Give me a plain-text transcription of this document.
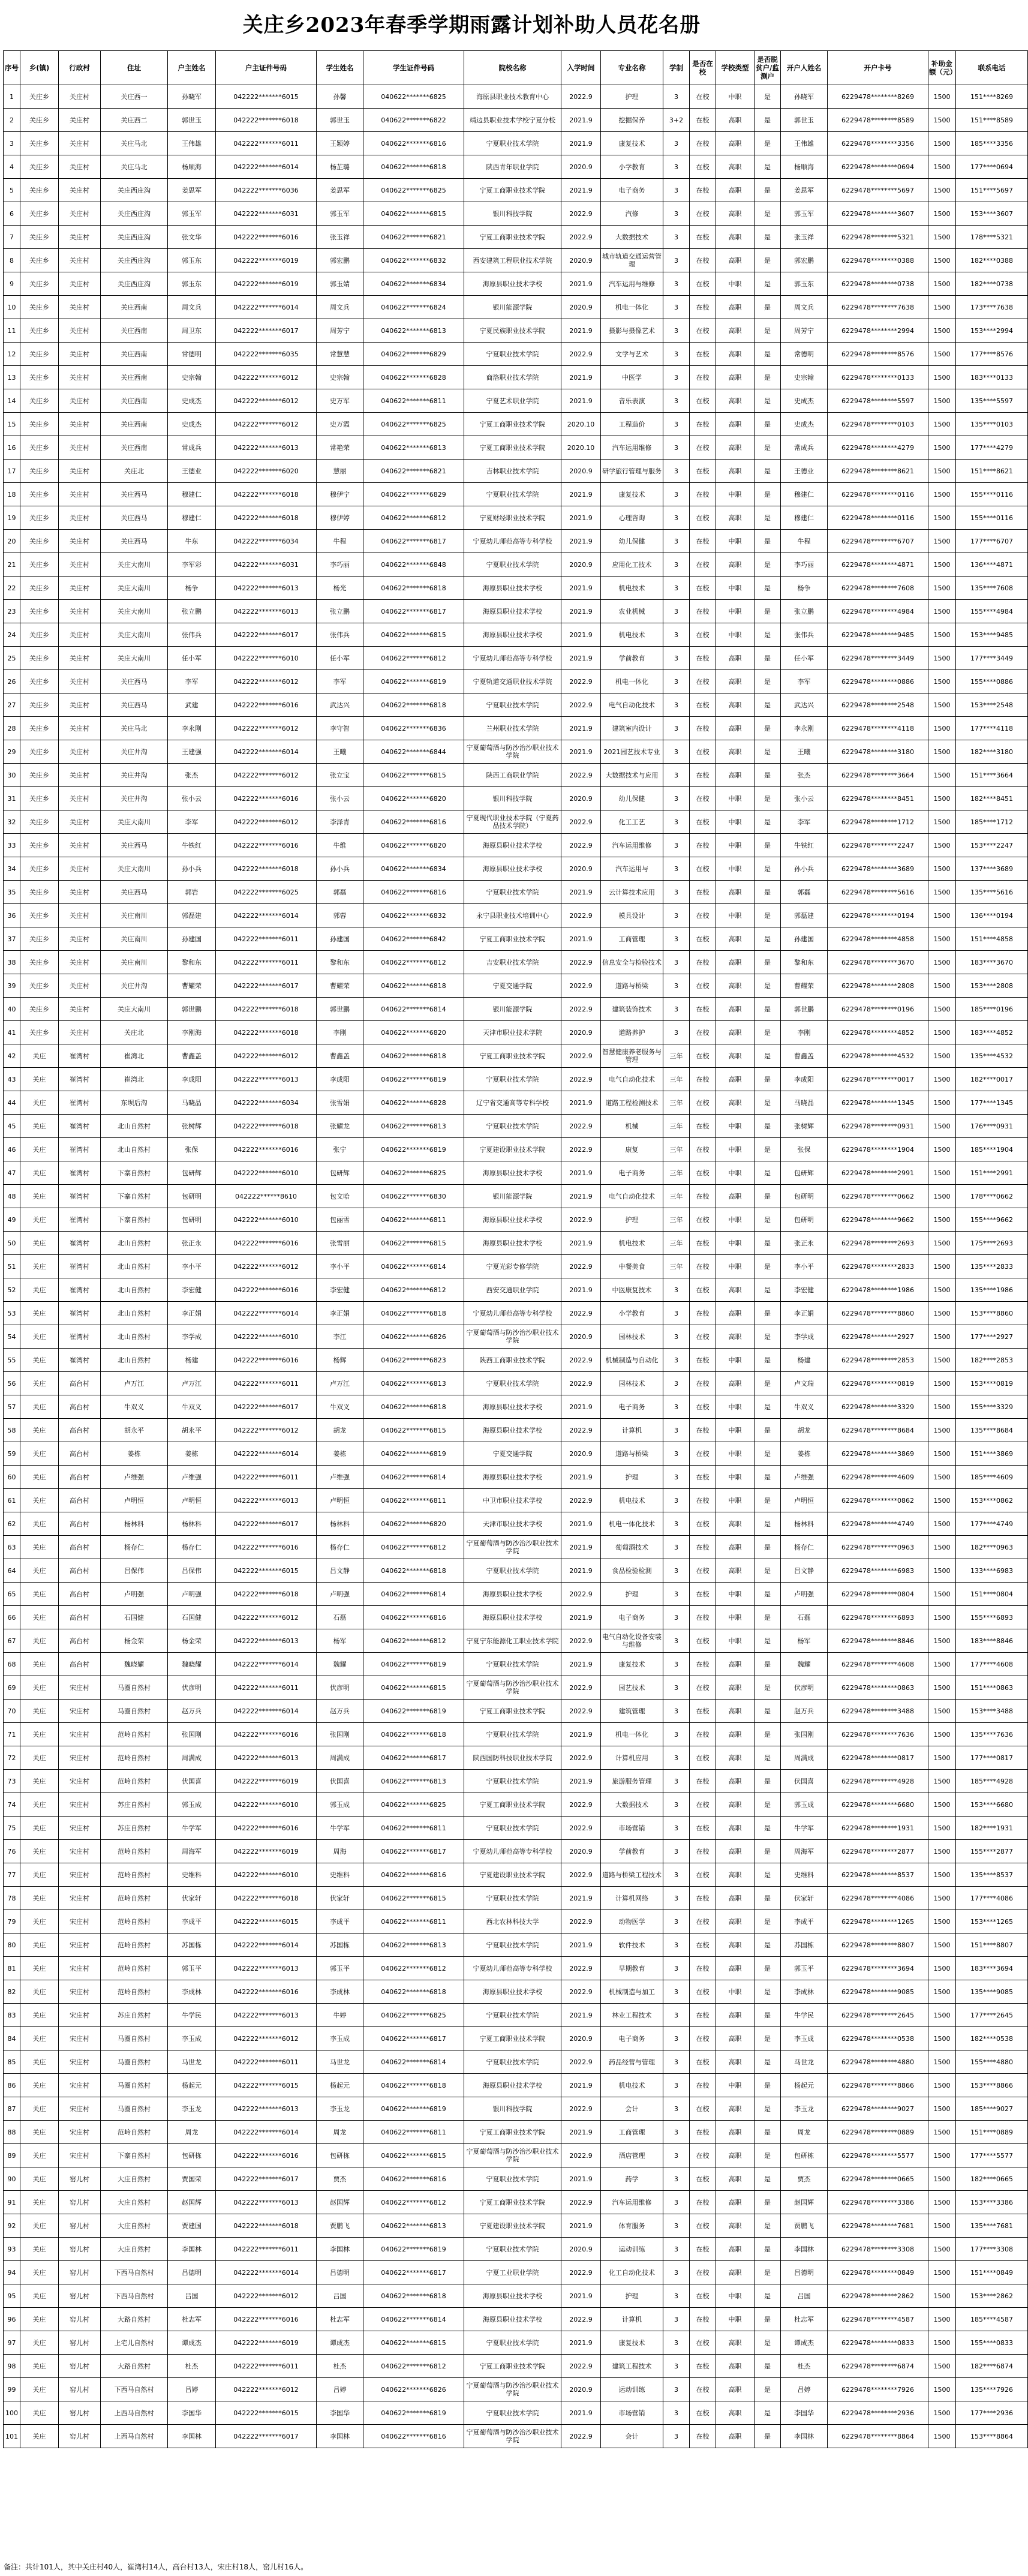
关庄乡2023年春季学期雨露计划补助人员花名册
序号	乡(镇)	行政村	住址	户主姓名	户主证件号码	学生姓名	学生证件号码	院校名称	入学时间	专业名称	学制	是否在校	学校类型	是否脱贫户/监测户	开户人姓名	开户卡号	补助金额（元）	联系电话
1	关庄乡	关庄村	关庄西一	孙晓军	042222*******6015	孙馨	040622*******6825	海原县职业技术教育中心	2022.9	护理	3	在校	中职	是	孙晓军	6229478********8269	1500	151****8269
2	关庄乡	关庄村	关庄西二	郭世玉	042222*******6018	郭世玉	040622*******6822	靖边县职业技术学校宁夏分校	2021.9	挖掘保养	3+2	在校	高职	是	郭世玉	6229478********8589	1500	151****8589
3	关庄乡	关庄村	关庄马北	王伟雄	042222*******6011	王颖婷	040622*******6816	宁夏职业技术学院	2021.9	康复技术	3	在校	高职	是	王伟雄	6229478********3356	1500	185****3356
4	关庄乡	关庄村	关庄马北	杨顺海	042222*******6014	杨芷璐	040622*******6818	陕西青年职业学院	2020.9	小学教育	3	在校	高职	是	杨顺海	6229478********0694	1500	177****0694
5	关庄乡	关庄村	关庄西庄沟	姜思军	042222*******6036	姜思军	040622*******6825	宁夏工商职业技术学院	2021.9	电子商务	3	在校	高职	是	姜思军	6229478********5697	1500	151****5697
6	关庄乡	关庄村	关庄西庄沟	郭玉军	042222*******6031	郭玉军	040622*******6815	银川科技学院	2022.9	汽修	3	在校	高职	是	郭玉军	6229478********3607	1500	153****3607
7	关庄乡	关庄村	关庄西庄沟	张文华	042222*******6016	张玉祥	040622*******6821	宁夏工商职业技术学院	2022.9	大数据技术	3	在校	高职	是	张玉祥	6229478********5321	1500	178****5321
8	关庄乡	关庄村	关庄西庄沟	郭玉东	042222*******6019	郭宏鹏	040622*******6832	西安建筑工程职业技术学院	2020.9	城市轨道交通运营管理	3	在校	高职	是	郭宏鹏	6229478********0388	1500	182****0388
9	关庄乡	关庄村	关庄西庄沟	郭玉东	042222*******6019	郭玉婧	040622*******6834	海原县职业技术学校	2021.9	汽车运用与维修	3	在校	中职	是	郭玉东	6229478********0738	1500	182****0738
10	关庄乡	关庄村	关庄西南	周文兵	042222*******6014	周文兵	040622*******6824	银川能源学院	2020.9	机电一体化	3	在校	高职	是	周文兵	6229478********7638	1500	173****7638
11	关庄乡	关庄村	关庄西南	周卫东	042222*******6017	周芳宁	040622*******6813	宁夏民族职业技术学院	2021.9	摄影与摄像艺术	3	在校	高职	是	周芳宁	6229478********2994	1500	153****2994
12	关庄乡	关庄村	关庄西南	常德明	042222*******6035	常慧慧	040622*******6829	宁夏职业技术学院	2022.9	文学与艺术	3	在校	高职	是	常德明	6229478********8576	1500	177****8576
13	关庄乡	关庄村	关庄西南	史宗翰	042222*******6012	史宗翰	040622*******6828	商洛职业技术学院	2021.9	中医学	3	在校	高职	是	史宗翰	6229478********0133	1500	183****0133
14	关庄乡	关庄村	关庄西南	史成杰	042222*******6012	史万军	040622*******6811	宁夏艺术职业学院	2021.9	音乐表演	3	在校	高职	是	史成杰	6229478********5597	1500	135****5597
15	关庄乡	关庄村	关庄西南	史成杰	042222*******6012	史万霞	040622*******6825	宁夏工商职业技术学院	2020.10	工程造价	3	在校	高职	是	史成杰	6229478********0103	1500	135****0103
16	关庄乡	关庄村	关庄西南	常成兵	042222*******6013	常艳荣	040622*******6813	宁夏工商职业技术学院	2020.10	汽车运用维修	3	在校	高职	是	常成兵	6229478********4279	1500	177****4279
17	关庄乡	关庄村	关庄北	王德业	042222*******6020	慧丽	040622*******6821	吉林职业技术学院	2020.9	研学旅行管理与服务	3	在校	高职	是	王德业	6229478********8621	1500	151****8621
18	关庄乡	关庄村	关庄西马	穆建仁	042222*******6018	穆伊宁	040622*******6829	宁夏职业技术学院	2021.9	康复技术	3	在校	中职	是	穆建仁	6229478********0116	1500	155****0116
19	关庄乡	关庄村	关庄西马	穆建仁	042222*******6018	穆伊婷	040622*******6812	宁夏财经职业技术学院	2021.9	心理咨询	3	在校	高职	是	穆建仁	6229478********0116	1500	155****0116
20	关庄乡	关庄村	关庄西马	牛东	042222*******6034	牛程	040622*******6817	宁夏幼儿师范高等专科学校	2021.9	幼儿保健	3	在校	中职	是	牛程	6229478********6707	1500	177****6707
21	关庄乡	关庄村	关庄大南川	李军彩	042222*******6031	李巧丽	040622*******6848	宁夏职业技术学院	2020.9	应用化工技术	3	在校	高职	是	李巧丽	6229478********4871	1500	136****4871
22	关庄乡	关庄村	关庄大南川	杨争	042222*******6013	杨光	040622*******6818	海原县职业技术学校	2021.9	机电技术	3	在校	中职	是	杨争	6229478********7608	1500	135****7608
23	关庄乡	关庄村	关庄大南川	张立鹏	042222*******6013	张立鹏	040622*******6817	海原县职业技术学校	2021.9	农业机械	3	在校	中职	是	张立鹏	6229478********4984	1500	155****4984
24	关庄乡	关庄村	关庄大南川	张伟兵	042222*******6017	张伟兵	040622*******6815	海原县职业技术学校	2021.9	机电技术	3	在校	中职	是	张伟兵	6229478********9485	1500	153****9485
25	关庄乡	关庄村	关庄大南川	任小军	042222*******6010	任小军	040622*******6812	宁夏幼儿师范高等专科学校	2021.9	学前教育	3	在校	高职	是	任小军	6229478********3449	1500	177****3449
26	关庄乡	关庄村	关庄西马	李军	042222*******6012	李军	040622*******6819	宁夏轨道交通职业技术学院	2022.9	机电一体化	3	在校	高职	是	李军	6229478********0886	1500	155****0886
27	关庄乡	关庄村	关庄西马	武建	042222*******6016	武达兴	040622*******6818	宁夏职业技术学院	2022.9	电气自动化技术	3	在校	高职	是	武达兴	6229478********2548	1500	153****2548
28	关庄乡	关庄村	关庄马北	李永刚	042222*******6012	李守智	040622*******6836	兰州职业技术学院	2021.9	建筑室内设计	3	在校	高职	是	李永刚	6229478********4118	1500	177****4118
29	关庄乡	关庄村	关庄井沟	王建强	042222*******6014	王曦	040622*******6844	宁夏葡萄酒与防沙治沙职业技术学院	2021.9	2021园艺技术专业	3	在校	高职	是	王曦	6229478********3180	1500	182****3180
30	关庄乡	关庄村	关庄井沟	张杰	042222*******6012	张立宝	040622*******6815	陕西工商职业学院	2022.9	大数据技术与应用	3	在校	高职	是	张杰	6229478********3664	1500	151****3664
31	关庄乡	关庄村	关庄井沟	张小云	042222*******6016	张小云	040622*******6820	银川科技学院	2020.9	幼儿保健	3	在校	中职	是	张小云	6229478********8451	1500	182****8451
32	关庄乡	关庄村	关庄大南川	李军	042222*******6012	李泽青	040622*******6816	宁夏现代职业技术学院（宁夏药品技术学院）	2022.9	化工工艺	3	在校	中职	是	李军	6229478********1712	1500	185****1712
33	关庄乡	关庄村	关庄西马	牛铁红	042222*******6016	牛维	040622*******6820	海原县职业技术学校	2022.9	汽车运用维修	3	在校	中职	是	牛铁红	6229478********2247	1500	153****2247
34	关庄乡	关庄村	关庄大南川	孙小兵	042222*******6018	孙小兵	040622*******6834	海原县职业技术学校	2020.9	汽车运用与	3	在校	中职	是	孙小兵	6229478********3689	1500	137****3689
35	关庄乡	关庄村	关庄西马	郭岩	042222*******6025	郭磊	040622*******6816	宁夏职业技术学院	2021.9	云计算技术应用	3	在校	高职	是	郭磊	6229478********5616	1500	135****5616
36	关庄乡	关庄村	关庄南川	郭磊建	042222*******6014	郭蓉	040622*******6832	永宁县职业技术培训中心	2022.9	模具设计	3	在校	中职	是	郭磊建	6229478********0194	1500	136****0194
37	关庄乡	关庄村	关庄南川	孙建国	042222*******6011	孙建国	040622*******6842	宁夏工商职业技术学院	2021.9	工商管理	3	在校	高职	是	孙建国	6229478********4858	1500	151****4858
38	关庄乡	关庄村	关庄南川	黎和东	042222*******6011	黎和东	040622*******6812	吉安职业技术学院	2022.9	信息安全与检验技术	3	在校	高职	是	黎和东	6229478********3670	1500	183****3670
39	关庄乡	关庄村	关庄井沟	曹耀荣	042222*******6017	曹耀荣	040622*******6818	宁夏交通学院	2022.9	道路与桥梁	3	在校	高职	是	曹耀荣	6229478********2808	1500	153****2808
40	关庄乡	关庄村	关庄大南川	郭世鹏	042222*******6018	郭世鹏	040622*******6814	银川能源学院	2022.9	建筑装饰技术	3	在校	高职	是	郭世鹏	6229478********0196	1500	185****0196
41	关庄乡	关庄村	关庄北	李刚海	042222*******6018	李刚	040622*******6820	天津市职业技术学院	2020.9	道路养护	3	在校	高职	是	李刚	6229478********4852	1500	183****4852
42	关庄	崔湾村	崔湾北	曹鑫盖	042222*******6012	曹鑫盖	040622*******6818	宁夏工商职业技术学院	2022.9	智慧健康养老服务与管理	三年	在校	高职	是	曹鑫盖	6229478********4532	1500	135****4532
43	关庄	崔湾村	崔湾北	李成阳	042222*******6013	李成阳	040622*******6819	宁夏职业技术学院	2022.9	电气自动化技术	三年	在校	高职	是	李成阳	6229478********0017	1500	182****0017
44	关庄	崔湾村	东坝后沟	马晓晶	042222*******6034	张雪娟	040622*******6828	辽宁省交通高等专科学校	2021.9	道路工程检测技术	三年	在校	高职	是	马晓晶	6229478********1345	1500	177****1345
45	关庄	崔湾村	北山自然村	张树辉	042222*******6018	张耀龙	040622*******6813	宁夏职业技术学院	2022.9	机械	三年	在校	中职	是	张树辉	6229478********0931	1500	176****0931
46	关庄	崔湾村	北山自然村	张保	042222*******6016	张宁	040622*******6819	宁夏建设职业技术学院	2022.9	康复	三年	在校	中职	是	张保	6229478********1904	1500	185****1904
47	关庄	崔湾村	下寨自然村	包研辉	042222*******6010	包研辉	040622*******6825	海原县职业技术学校	2021.9	电子商务	三年	在校	中职	是	包研辉	6229478********2991	1500	151****2991
48	关庄	崔湾村	下寨自然村	包研明	042222******8610	包文哈	040622*******6830	银川能源学院	2021.9	电气自动化技术	三年	在校	高职	是	包研明	6229478********0662	1500	178****0662
49	关庄	崔湾村	下寨自然村	包研明	042222*******6010	包丽雪	040622*******6811	海原县职业技术学校	2022.9	护理	三年	在校	中职	是	包研明	6229478********9662	1500	155****9662
50	关庄	崔湾村	北山自然村	张正永	042222*******6016	张雪丽	040622*******6815	海原县职业技术学校	2021.9	机电技术	三年	在校	中职	是	张正永	6229478********2693	1500	175****2693
51	关庄	崔湾村	北山自然村	李小平	042222*******6012	李小平	040622*******6814	宁夏光彩专修学院	2022.9	中餐美食	三年	在校	中职	是	李小平	6229478********2833	1500	135****2833
52	关庄	崔湾村	北山自然村	李宏健	042222*******6016	李宏健	040622*******6812	西安交通职业学院	2021.9	中医康复技术	3	在校	高职	是	李宏健	6229478********1986	1500	135****1986
53	关庄	崔湾村	北山自然村	李正娟	042222*******6014	李正娟	040622*******6818	宁夏幼儿师范高等专科学校	2022.9	小学教育	3	在校	高职	是	李正娟	6229478********8860	1500	153****8860
54	关庄	崔湾村	北山自然村	李学成	042222*******6010	李江	040622*******6826	宁夏葡萄酒与防沙治沙职业技术学院	2020.9	园林技术	3	在校	高职	是	李学成	6229478********2927	1500	177****2927
55	关庄	崔湾村	北山自然村	杨建	042222*******6016	杨辉	040622*******6823	陕西工商职业技术学院	2022.9	机械制造与自动化	3	在校	中职	是	杨建	6229478********2853	1500	182****2853
56	关庄	高台村	卢万江	卢万江	042222*******6011	卢万江	040622*******6813	宁夏职业技术学院	2022.9	园林技术	3	在校	高职	是	卢文瑞	6229478********0819	1500	153****0819
57	关庄	高台村	牛双义	牛双义	042222*******6017	牛双义	040622*******6818	海原县职业技术学校	2021.9	电子商务	3	在校	中职	是	牛双义	6229478********3329	1500	155****3329
58	关庄	高台村	胡永平	胡永平	042222*******6012	胡龙	040622*******6815	海原县职业技术学校	2022.9	计算机	3	在校	中职	是	胡龙	6229478********8684	1500	135****8684
59	关庄	高台村	姜栋	姜栋	042222*******6014	姜栋	040622*******6819	宁夏交通学院	2020.9	道路与桥梁	3	在校	中职	是	姜栋	6229478********3869	1500	151****3869
60	关庄	高台村	卢维强	卢维强	042222*******6011	卢维强	040622*******6814	海原县职业技术学校	2021.9	护理	3	在校	中职	是	卢维强	6229478********4609	1500	185****4609
61	关庄	高台村	卢明恒	卢明恒	042222*******6013	卢明恒	040622*******6811	中卫市职业技术学校	2022.9	机电技术	3	在校	中职	是	卢明恒	6229478********0862	1500	153****0862
62	关庄	高台村	杨林科	杨林科	042222*******6017	杨林科	040622*******6820	天津市职业技术学校	2021.9	机电一体化技术	3	在校	高职	是	杨林科	6229478********4749	1500	177****4749
63	关庄	高台村	杨存仁	杨存仁	042222*******6016	杨存仁	040622*******6812	宁夏葡萄酒与防沙治沙职业技术学院	2021.9	葡萄酒技术	3	在校	高职	是	杨存仁	6229478********0963	1500	182****0963
64	关庄	高台村	吕保伟	吕保伟	042222*******6015	吕文静	040622*******6818	宁夏职业技术学院	2021.9	食品检验检测	3	在校	高职	是	吕文静	6229478********6983	1500	133****6983
65	关庄	高台村	卢明强	卢明强	042222*******6018	卢明强	040622*******6814	海原县职业技术学校	2022.9	护理	3	在校	中职	是	卢明强	6229478********0804	1500	151****0804
66	关庄	高台村	石国健	石国健	042222*******6012	石磊	040622*******6816	海原县职业技术学校	2021.9	电子商务	3	在校	中职	是	石磊	6229478********6893	1500	155****6893
67	关庄	高台村	杨金荣	杨金荣	042222*******6013	杨军	040622*******6812	宁夏宁东能源化工职业技术学院	2022.9	电气自动化设备安装与维修	3	在校	中职	是	杨军	6229478********8846	1500	183****8846
68	关庄	高台村	魏晓耀	魏晓耀	042222*******6014	魏耀	040622*******6819	宁夏职业技术学院	2021.9	康复技术	3	在校	高职	是	魏耀	6229478********4608	1500	177****4608
69	关庄	宋庄村	马圈自然村	伏彦明	042222*******6011	伏彦明	040622*******6815	宁夏葡萄酒与防沙治沙职业技术学院	2022.9	园艺技术	3	在校	高职	是	伏彦明	6229478********0863	1500	151****0863
70	关庄	宋庄村	马圈自然村	赵万兵	042222*******6014	赵万兵	040622*******6819	宁夏工商职业技术学院	2022.9	建筑管理	3	在校	高职	是	赵万兵	6229478********3488	1500	153****3488
71	关庄	宋庄村	范岭自然村	张国刚	042222*******6016	张国刚	040622*******6818	宁夏职业技术学院	2021.9	机电一体化	3	在校	高职	是	张国刚	6229478********7636	1500	135****7636
72	关庄	宋庄村	范岭自然村	周满成	042222*******6013	周满成	040622*******6817	陕西国防科技职业技术学院	2022.9	计算机应用	3	在校	高职	是	周满成	6229478********0817	1500	177****0817
73	关庄	宋庄村	范岭自然村	伏国喜	042222*******6019	伏国喜	040622*******6813	宁夏职业技术学院	2021.9	旅游服务管理	3	在校	高职	是	伏国喜	6229478********4928	1500	185****4928
74	关庄	宋庄村	苏庄自然村	郭玉成	042222*******6010	郭玉成	040622*******6825	宁夏工商职业技术学院	2022.9	大数据技术	3	在校	高职	是	郭玉成	6229478********6680	1500	153****6680
75	关庄	宋庄村	苏庄自然村	牛学军	042222*******6016	牛学军	040622*******6811	宁夏职业技术学院	2022.9	市场营销	3	在校	高职	是	牛学军	6229478********1931	1500	182****1931
76	关庄	宋庄村	范岭自然村	周海军	042222*******6019	周海	040622*******6817	宁夏幼儿师范高等专科学校	2020.9	学前教育	3	在校	高职	是	周海军	6229478********2877	1500	155****2877
77	关庄	宋庄村	范岭自然村	史维科	042222*******6010	史维科	040622*******6816	宁夏建设职业技术学院	2022.9	道路与桥梁工程技术	3	在校	高职	是	史维科	6229478********8537	1500	135****8537
78	关庄	宋庄村	范岭自然村	伏家轩	042222*******6018	伏家轩	040622*******6815	宁夏职业技术学院	2021.9	计算机网络	3	在校	高职	是	伏家轩	6229478********4086	1500	177****4086
79	关庄	宋庄村	范岭自然村	李成平	042222*******6015	李成平	040622*******6811	西北农林科技大学	2022.9	动物医学	3	在校	高职	是	李成平	6229478********1265	1500	153****1265
80	关庄	宋庄村	范岭自然村	苏国栋	042222*******6014	苏国栋	040622*******6813	宁夏职业技术学院	2021.9	软件技术	3	在校	高职	是	苏国栋	6229478********8807	1500	151****8807
81	关庄	宋庄村	范岭自然村	郭玉平	042222*******6013	郭玉平	040622*******6812	宁夏幼儿师范高等专科学校	2022.9	早期教育	3	在校	高职	是	郭玉平	6229478********3694	1500	183****3694
82	关庄	宋庄村	范岭自然村	李成林	042222*******6016	李成林	040622*******6818	海原县职业技术学校	2022.9	机械制造与加工	3	在校	中职	是	李成林	6229478********9085	1500	135****9085
83	关庄	宋庄村	苏庄自然村	牛学民	042222*******6013	牛婷	040622*******6825	宁夏职业技术学院	2021.9	林业工程技术	3	在校	高职	是	牛学民	6229478********2645	1500	177****2645
84	关庄	宋庄村	马圈自然村	李玉成	042222*******6012	李玉成	040622*******6817	宁夏工商职业技术学院	2020.9	电子商务	3	在校	高职	是	李玉成	6229478********0538	1500	182****0538
85	关庄	宋庄村	马圈自然村	马世龙	042222*******6011	马世龙	040622*******6814	宁夏职业技术学院	2022.9	药品经营与管理	3	在校	高职	是	马世龙	6229478********4880	1500	155****4880
86	关庄	宋庄村	马圈自然村	杨起元	042222*******6015	杨起元	040622*******6818	海原县职业技术学校	2021.9	机电技术	3	在校	中职	是	杨起元	6229478********8866	1500	153****8866
87	关庄	宋庄村	马圈自然村	李玉龙	042222*******6013	李玉龙	040622*******6819	银川科技学院	2022.9	会计	3	在校	高职	是	李玉龙	6229478********9027	1500	185****9027
88	关庄	宋庄村	范岭自然村	周龙	042222*******6014	周龙	040622*******6811	宁夏工商职业技术学院	2021.9	工商管理	3	在校	高职	是	周龙	6229478********0889	1500	151****0889
89	关庄	宋庄村	下寨自然村	包研栋	042222*******6016	包研栋	040622*******6815	宁夏葡萄酒与防沙治沙职业技术学院	2022.9	酒店管理	3	在校	高职	是	包研栋	6229478********5577	1500	177****5577
90	关庄	窑儿村	大庄自然村	贾国荣	042222*******6017	贾杰	040622*******6816	宁夏职业技术学院	2021.9	药学	3	在校	高职	是	贾杰	6229478********0665	1500	182****0665
91	关庄	窑儿村	大庄自然村	赵国辉	042222*******6013	赵国辉	040622*******6812	宁夏工商职业技术学院	2022.9	汽车运用维修	3	在校	高职	是	赵国辉	6229478********3386	1500	153****3386
92	关庄	窑儿村	大庄自然村	贾建国	042222*******6018	贾鹏飞	040622*******6813	宁夏建设职业技术学院	2021.9	体育服务	3	在校	高职	是	贾鹏飞	6229478********7681	1500	135****7681
93	关庄	窑儿村	大庄自然村	李国林	042222*******6011	李国林	040622*******6819	宁夏职业技术学院	2020.9	运动训练	3	在校	高职	是	李国林	6229478********3308	1500	177****3308
94	关庄	窑儿村	下西马自然村	吕德明	042222*******6014	吕德明	040622*******6817	宁夏工业职业学院	2022.9	化工自动化技术	3	在校	高职	是	吕德明	6229478********0849	1500	151****0849
95	关庄	窑儿村	下西马自然村	吕国	042222*******6012	吕国	040622*******6818	海原县职业技术学校	2021.9	护理	3	在校	中职	是	吕国	6229478********2862	1500	153****2862
96	关庄	窑儿村	大路自然村	杜志军	042222*******6016	杜志军	040622*******6814	海原县职业技术学校	2022.9	计算机	3	在校	中职	是	杜志军	6229478********4587	1500	185****4587
97	关庄	窑儿村	上宅儿自然村	谭成杰	042222*******6019	谭成杰	040622*******6815	宁夏职业技术学院	2021.9	康复技术	3	在校	高职	是	谭成杰	6229478********0833	1500	155****0833
98	关庄	窑儿村	大路自然村	杜杰	042222*******6011	杜杰	040622*******6812	宁夏工商职业技术学院	2022.9	建筑工程技术	3	在校	高职	是	杜杰	6229478********6874	1500	182****6874
99	关庄	窑儿村	下西马自然村	吕婷	042222*******6012	吕婷	040622*******6826	宁夏葡萄酒与防沙治沙职业技术学院	2020.9	运动训练	3	在校	高职	是	吕婷	6229478********7926	1500	135****7926
100	关庄	窑儿村	上西马自然村	李国华	042222*******6015	李国华	040622*******6819	宁夏职业技术学院	2021.9	市场营销	3	在校	高职	是	李国华	6229478********2936	1500	177****2936
101	关庄	窑儿村	上西马自然村	李国林	042222*******6017	李国林	040622*******6816	宁夏葡萄酒与防沙治沙职业技术学院	2022.9	会计	3	在校	高职	是	李国林	6229478********8864	1500	153****8864
备注：共计101人，其中关庄村40人，崔湾村14人，高台村13人，宋庄村18人，窑儿村16人。
